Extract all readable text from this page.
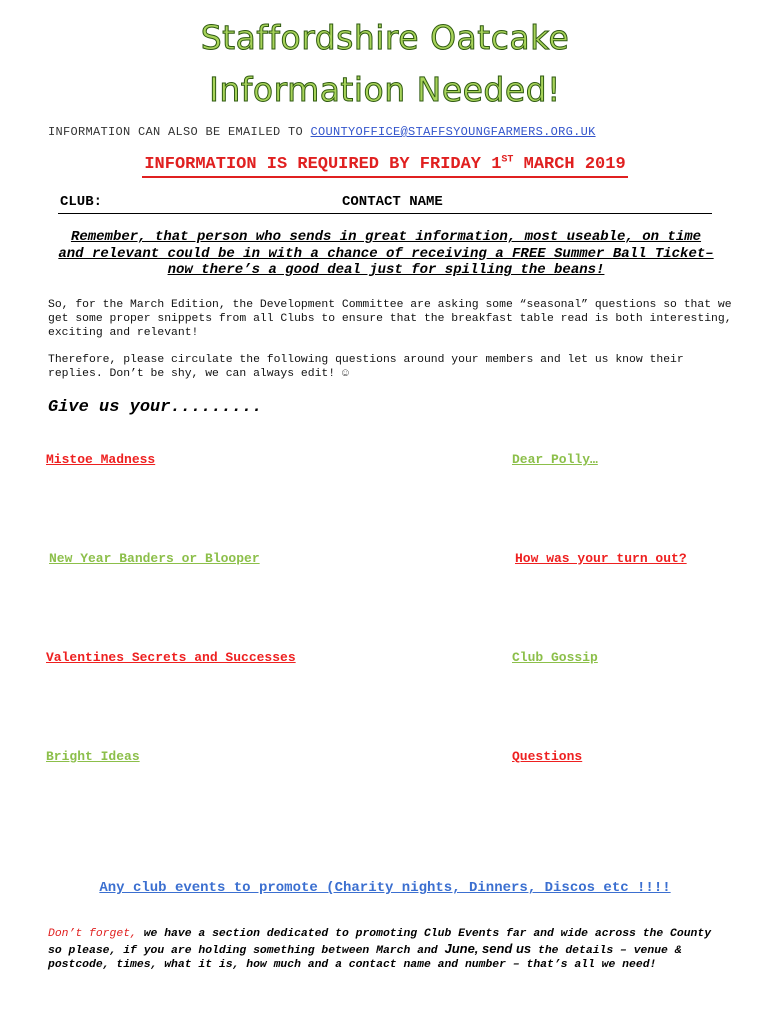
Staffordshire Oatcake
Information Needed!
INFORMATION CAN ALSO BE EMAILED TO COUNTYOFFICE@STAFFSYOUNGFARMERS.ORG.UK
INFORMATION IS REQUIRED BY FRIDAY 1ST MARCH 2019
CLUB:	CONTACT NAME
Remember, that person who sends in great information, most useable, on time and relevant could be in with a chance of receiving a FREE Summer Ball Ticket– now there’s a good deal just for spilling the beans!
So, for the March Edition, the Development Committee are asking some “seasonal” questions so that we get some proper snippets from all Clubs to ensure that the breakfast table read is both interesting, exciting and relevant!
Therefore, please circulate the following questions around your members and let us know their replies. Don’t be shy, we can always edit! ☺
Give us your.........
Mistoe Madness	Dear Polly…
New Year Banders or Blooper	How was your turn out?
Valentines Secrets and Successes	Club Gossip
Bright Ideas	Questions
Any club events to promote (Charity nights, Dinners, Discos etc !!!!
Don’t forget, we have a section dedicated to promoting Club Events far and wide across the County so please, if you are holding something between March and June, send us the details – venue & postcode, times, what it is, how much and a contact name and number – that’s all we need!
